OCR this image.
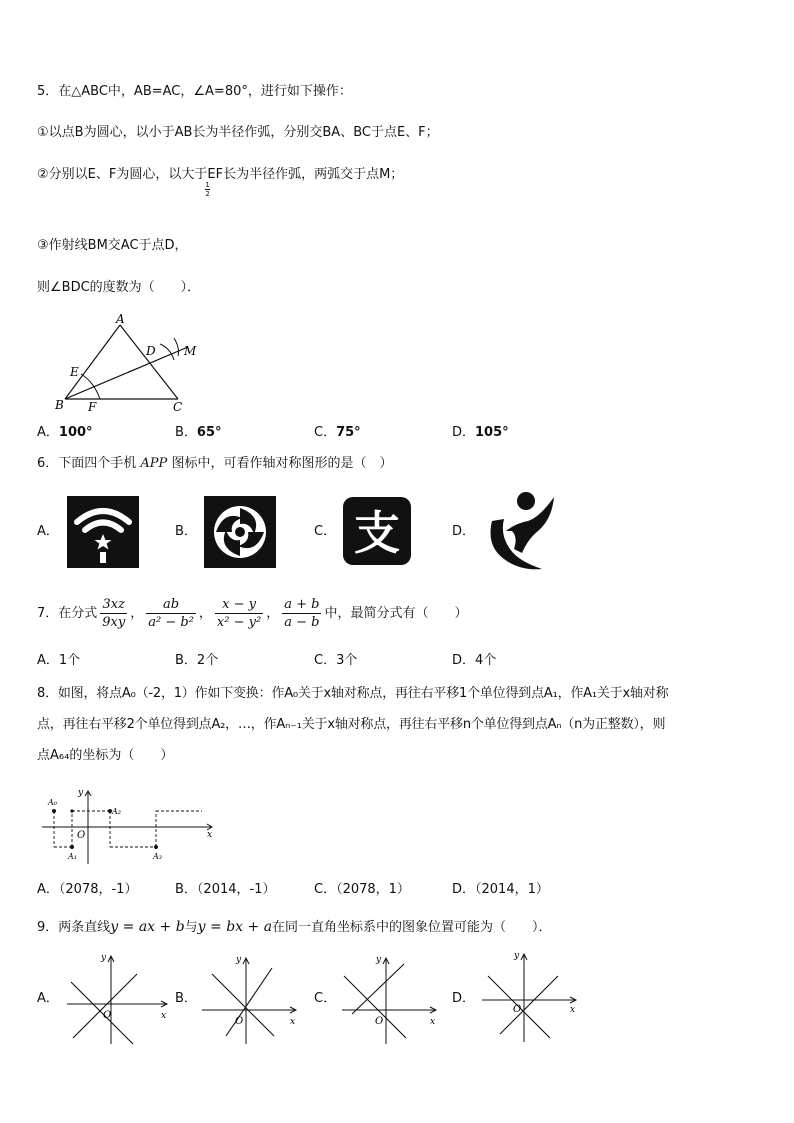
5．在△ABC中，AB=AC，∠A=80°，进行如下操作：
①以点B为圆心，以小于AB长为半径作弧，分别交BA、BC于点E、F；
②分别以E、F为圆心，以大于EF
$\frac{1}{2}$
长为半径作弧，两弧交于点M；
③作射线BM交AC于点D，
则∠BDC的度数为（　　）．
A
B	C
D
E
F
M
A．100°	B．65°	C．75°	D．105°
6．下面四个手机 APP 图标中，可看作轴对称图形的是（　）
A．	B．	C． 支	D．
7．在分式 $\frac{3xz}{9xy}$ ， $\frac{ab}{\text{a² − b²}}$ ， $\frac{x - y}{\text{x² − y²}}$ ， $\frac{a + b}{a - b}$ 中，最简分式有（　　）
A．1个	B．2个	C．3个	D．4个
8．如图，将点A₀（-2，1）作如下变换：作A₀关于x轴对称点，再往右平移1个单位得到点A₁，作A₁关于x轴对称
点，再往右平移2个单位得到点A₂，…，作Aₙ₋₁关于x轴对称点，再往右平移n个单位得到点Aₙ（n为正整数），则
点A₆₄的坐标为（　　）
y
x
O
A₀
A₁
A₂
A₃
A．（2078，-1）	B．（2014，-1）	C．（2078，1）	D．（2014，1）
9．两条直线y = ax + b与y = bx + a在同一直角坐标系中的图象位置可能为（　　）．
A．
y
x
O
B．
y
x
O
C．
y
x
O
D．
y
x
O
